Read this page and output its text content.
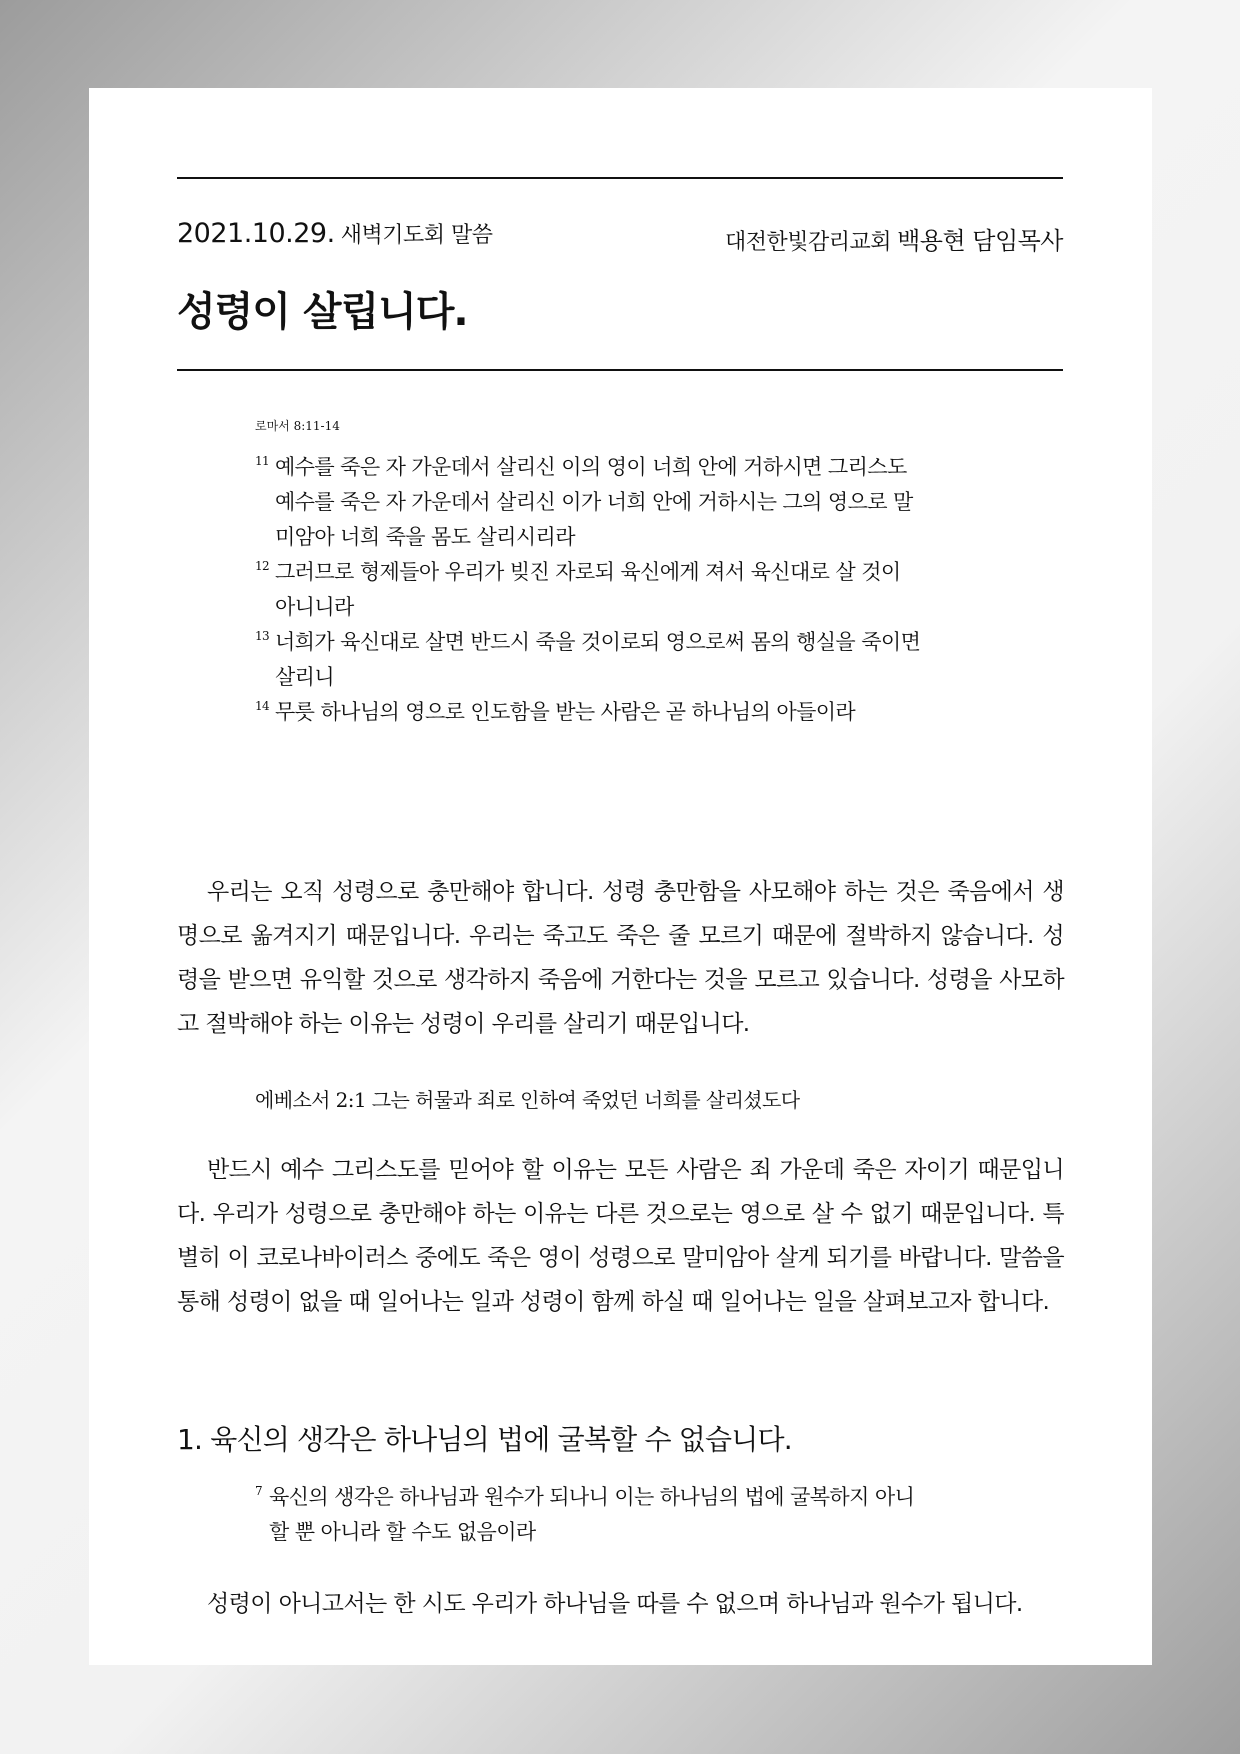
2021.10.29. 새벽기도회 말씀	대전한빛감리교회 백용현 담임목사
성령이 살립니다.
로마서 8:11-14
11 예수를 죽은 자 가운데서 살리신 이의 영이 너희 안에 거하시면 그리스도
예수를 죽은 자 가운데서 살리신 이가 너희 안에 거하시는 그의 영으로 말
미암아 너희 죽을 몸도 살리시리라
12 그러므로 형제들아 우리가 빚진 자로되 육신에게 져서 육신대로 살 것이
아니니라
13 너희가 육신대로 살면 반드시 죽을 것이로되 영으로써 몸의 행실을 죽이면
살리니
14 무릇 하나님의 영으로 인도함을 받는 사람은 곧 하나님의 아들이라

우리는 오직 성령으로 충만해야 합니다. 성령 충만함을 사모해야 하는 것은 죽음에서 생명으로 옮겨지기 때문입니다. 우리는 죽고도 죽은 줄 모르기 때문에 절박하지 않습니다. 성령을 받으면 유익할 것으로 생각하지 죽음에 거한다는 것을 모르고 있습니다. 성령을 사모하고 절박해야 하는 이유는 성령이 우리를 살리기 때문입니다.

에베소서 2:1 그는 허물과 죄로 인하여 죽었던 너희를 살리셨도다

반드시 예수 그리스도를 믿어야 할 이유는 모든 사람은 죄 가운데 죽은 자이기 때문입니다. 우리가 성령으로 충만해야 하는 이유는 다른 것으로는 영으로 살 수 없기 때문입니다. 특별히 이 코로나바이러스 중에도 죽은 영이 성령으로 말미암아 살게 되기를 바랍니다. 말씀을 통해 성령이 없을 때 일어나는 일과 성령이 함께 하실 때 일어나는 일을 살펴보고자 합니다.

1. 육신의 생각은 하나님의 법에 굴복할 수 없습니다.
7 육신의 생각은 하나님과 원수가 되나니 이는 하나님의 법에 굴복하지 아니
할 뿐 아니라 할 수도 없음이라

성령이 아니고서는 한 시도 우리가 하나님을 따를 수 없으며 하나님과 원수가 됩니다.
